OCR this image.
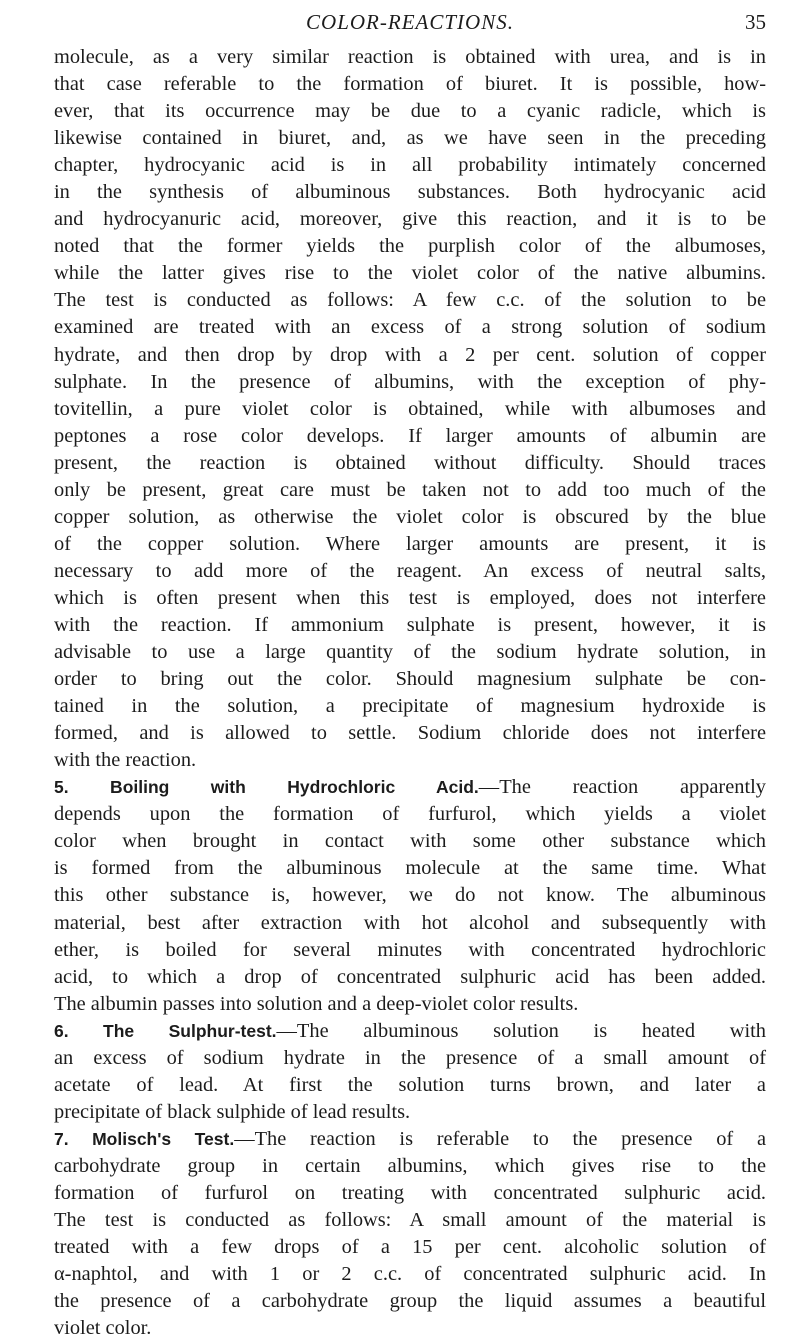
COLOR-REACTIONS.	35
molecule, as a very similar reaction is obtained with urea, and is in
that case referable to the formation of biuret. It is possible, how-
ever, that its occurrence may be due to a cyanic radicle, which is
likewise contained in biuret, and, as we have seen in the preceding
chapter, hydrocyanic acid is in all probability intimately concerned
in the synthesis of albuminous substances. Both hydrocyanic acid
and hydrocyanuric acid, moreover, give this reaction, and it is to be
noted that the former yields the purplish color of the albumoses,
while the latter gives rise to the violet color of the native albumins.
The test is conducted as follows: A few c.c. of the solution to be
examined are treated with an excess of a strong solution of sodium
hydrate, and then drop by drop with a 2 per cent. solution of copper
sulphate. In the presence of albumins, with the exception of phy-
tovitellin, a pure violet color is obtained, while with albumoses and
peptones a rose color develops. If larger amounts of albumin are
present, the reaction is obtained without difficulty. Should traces
only be present, great care must be taken not to add too much of the
copper solution, as otherwise the violet color is obscured by the blue
of the copper solution. Where larger amounts are present, it is
necessary to add more of the reagent. An excess of neutral salts,
which is often present when this test is employed, does not interfere
with the reaction. If ammonium sulphate is present, however, it is
advisable to use a large quantity of the sodium hydrate solution, in
order to bring out the color. Should magnesium sulphate be con-
tained in the solution, a precipitate of magnesium hydroxide is
formed, and is allowed to settle. Sodium chloride does not interfere
with the reaction.
5. Boiling with Hydrochloric Acid.—The reaction apparently
depends upon the formation of furfurol, which yields a violet
color when brought in contact with some other substance which
is formed from the albuminous molecule at the same time. What
this other substance is, however, we do not know. The albuminous
material, best after extraction with hot alcohol and subsequently with
ether, is boiled for several minutes with concentrated hydrochloric
acid, to which a drop of concentrated sulphuric acid has been added.
The albumin passes into solution and a deep-violet color results.
6. The Sulphur-test.—The albuminous solution is heated with
an excess of sodium hydrate in the presence of a small amount of
acetate of lead. At first the solution turns brown, and later a
precipitate of black sulphide of lead results.
7. Molisch's Test.—The reaction is referable to the presence of a
carbohydrate group in certain albumins, which gives rise to the
formation of furfurol on treating with concentrated sulphuric acid.
The test is conducted as follows: A small amount of the material is
treated with a few drops of a 15 per cent. alcoholic solution of
α-naphtol, and with 1 or 2 c.c. of concentrated sulphuric acid. In
the presence of a carbohydrate group the liquid assumes a beautiful
violet color.
